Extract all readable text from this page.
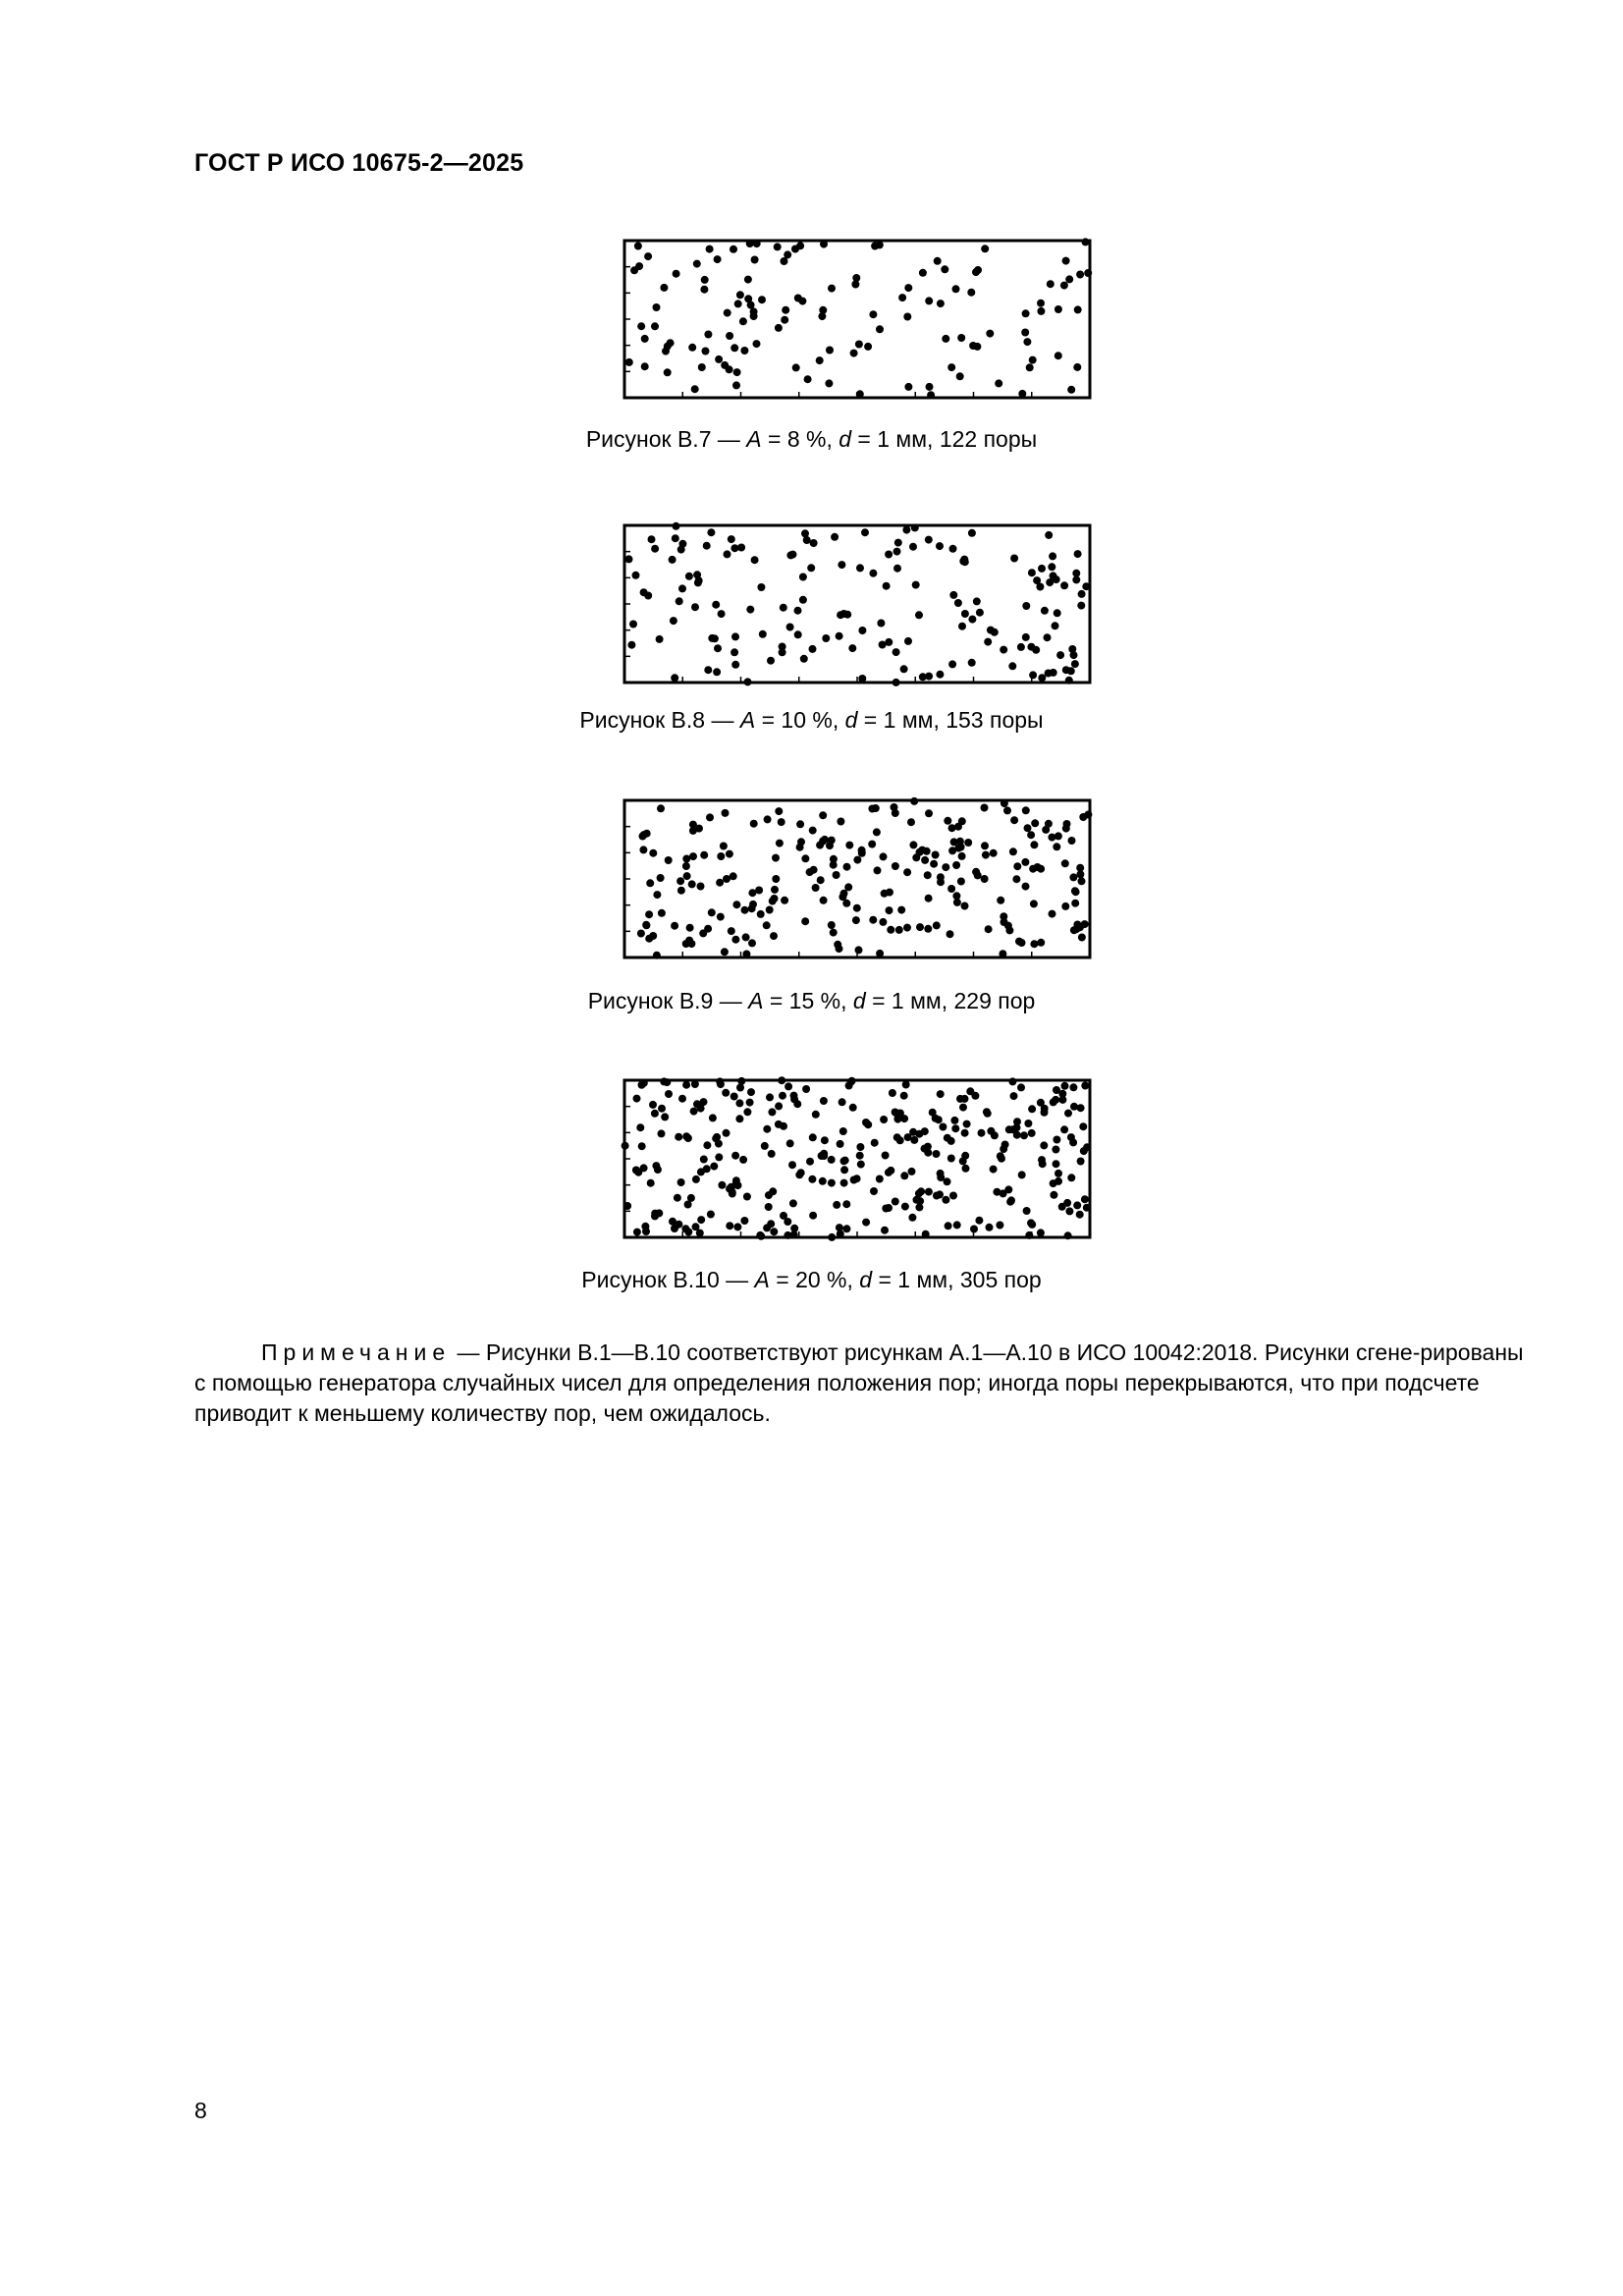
ГОСТ Р ИСО 10675-2—2025
Рисунок В.7 — A = 8 %, d = 1 мм, 122 поры
Рисунок В.8 — A = 10 %, d = 1 мм, 153 поры
Рисунок В.9 — A = 15 %, d = 1 мм, 229 пор
Рисунок В.10 — A = 20 %, d = 1 мм, 305 пор
Примечание — Рисунки В.1—В.10 соответствуют рисункам А.1—А.10 в ИСО 10042:2018. Рисунки сгене-рированы с помощью генератора случайных чисел для определения положения пор; иногда поры перекрываются, что при подсчете приводит к меньшему количеству пор, чем ожидалось.
8
